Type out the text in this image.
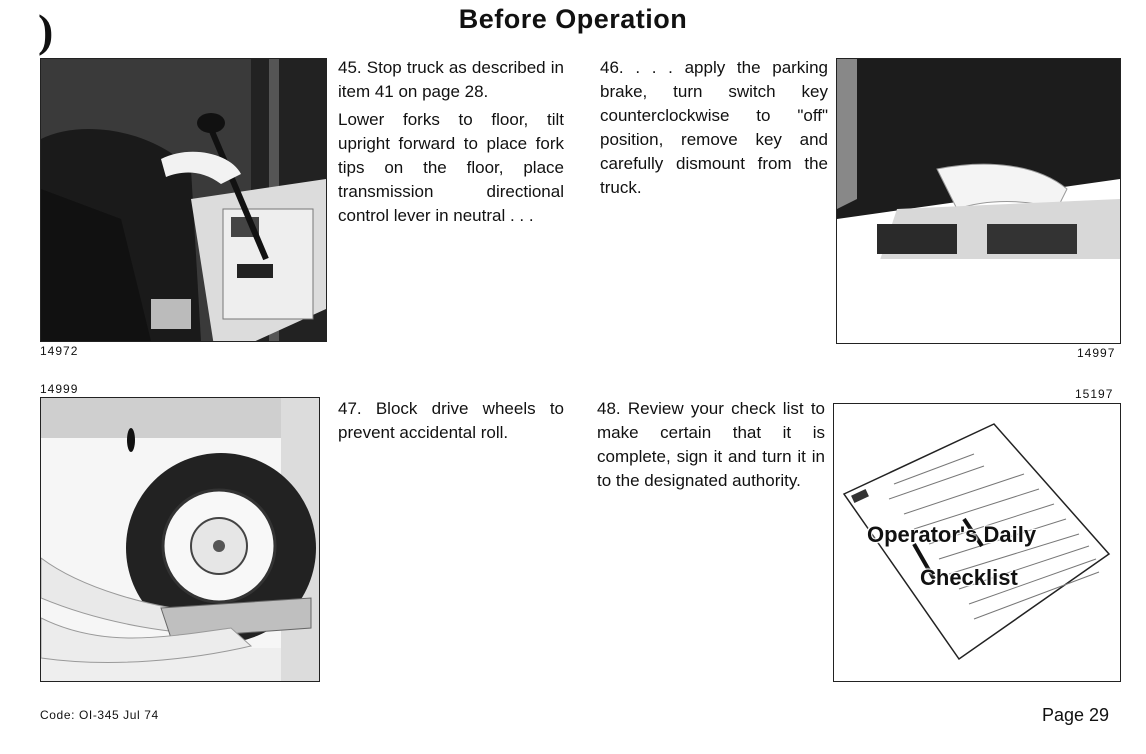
Before Operation
)
14972

45. Stop truck as described in item 41 on page 28.

Lower forks to floor, tilt upright forward to place fork tips on the floor, place transmission directional control lever in neutral . . .

46. . . . apply the parking brake, turn switch key counterclockwise to "off" position, remove key and carefully dismount from the truck.

14997
14999

47. Block drive wheels to prevent accidental roll.

48. Review your check list to make certain that it is complete, sign it and turn it in to the designated authority.

15197
Operator's Daily
Checklist
Code: OI-345 Jul 74	Page 29
